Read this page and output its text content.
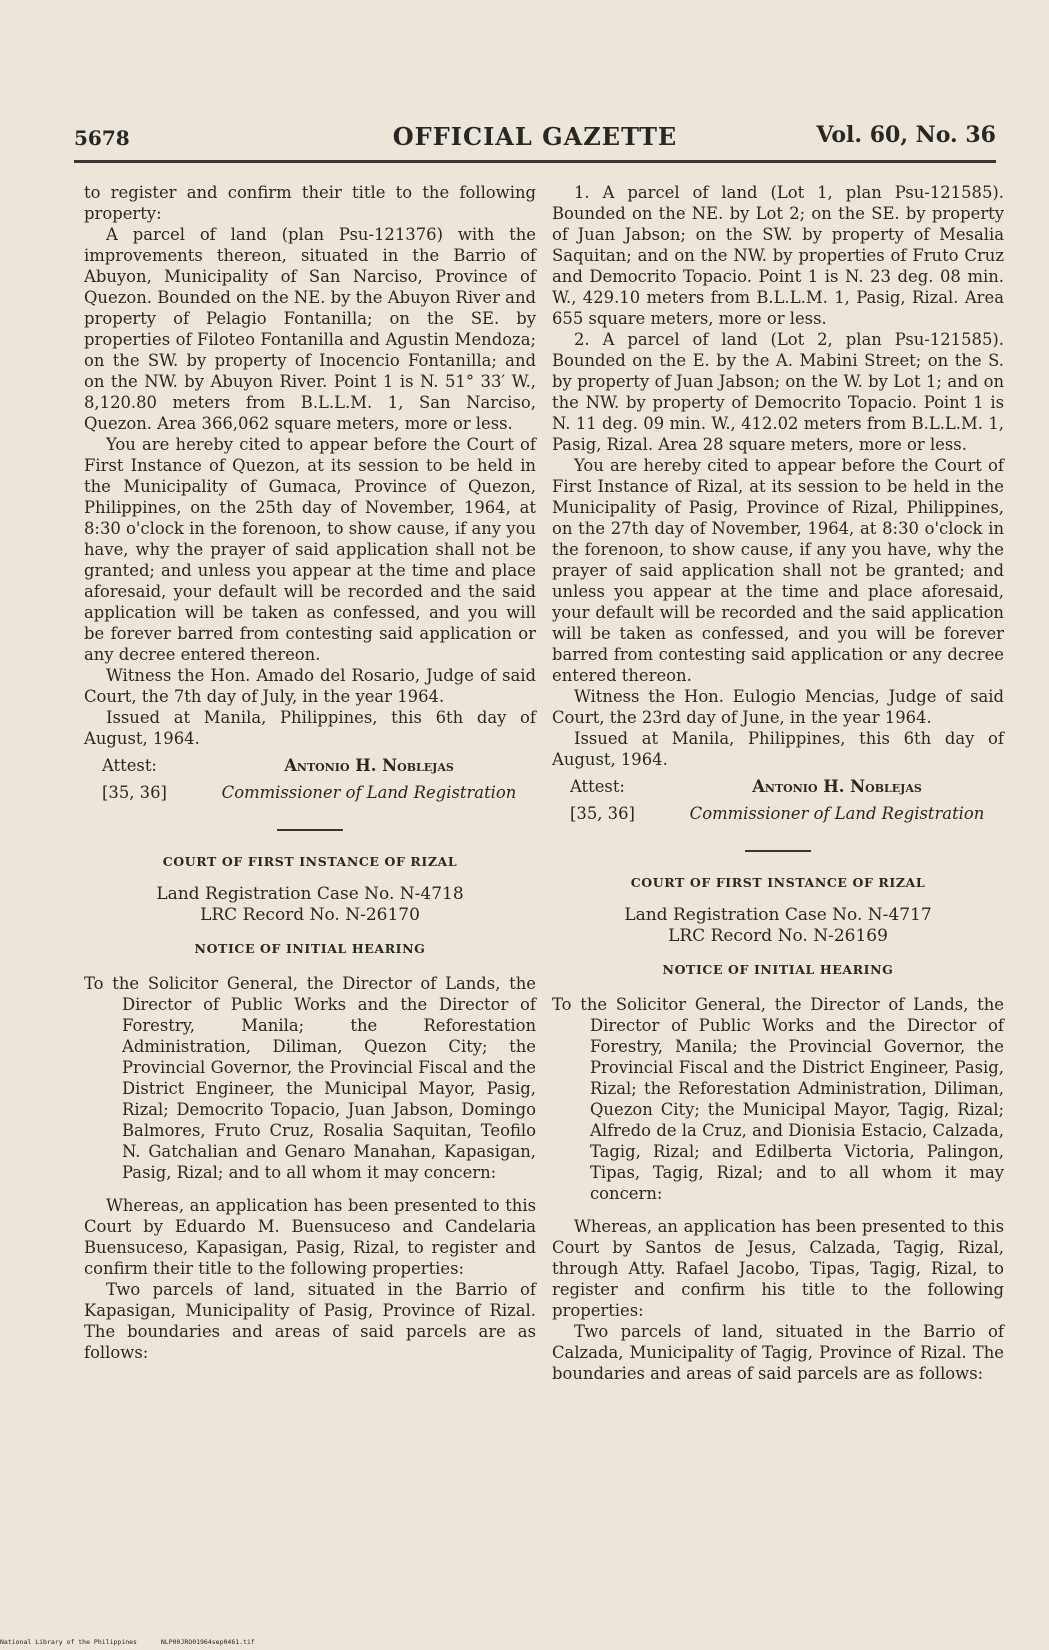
5678	OFFICIAL GAZETTE	Vol. 60, No. 36

to register and confirm their title to the following property:

A parcel of land (plan Psu-121376) with the improvements thereon, situated in the Barrio of Abuyon, Municipality of San Narciso, Province of Quezon. Bounded on the NE. by the Abuyon River and property of Pelagio Fontanilla; on the SE. by properties of Filoteo Fontanilla and Agustin Mendoza; on the SW. by property of Inocencio Fontanilla; and on the NW. by Abuyon River. Point 1 is N. 51° 33′ W., 8,120.80 meters from B.L.L.M. 1, San Narciso, Quezon. Area 366,062 square meters, more or less.

You are hereby cited to appear before the Court of First Instance of Quezon, at its session to be held in the Municipality of Gumaca, Province of Quezon, Philippines, on the 25th day of November, 1964, at 8:30 o'clock in the forenoon, to show cause, if any you have, why the prayer of said application shall not be granted; and unless you appear at the time and place aforesaid, your default will be recorded and the said application will be taken as confessed, and you will be forever barred from contesting said application or any decree entered thereon.

Witness the Hon. Amado del Rosario, Judge of said Court, the 7th day of July, in the year 1964.

Issued at Manila, Philippines, this 6th day of August, 1964.

Attest:	Antonio H. Noblejas
[35, 36]	Commissioner of Land Registration
COURT OF FIRST INSTANCE OF RIZAL
Land Registration Case No. N-4718
LRC Record No. N-26170
NOTICE OF INITIAL HEARING
To the Solicitor General, the Director of Lands, the Director of Public Works and the Director of Forestry, Manila; the Reforestation Administration, Diliman, Quezon City; the Provincial Governor, the Provincial Fiscal and the District Engineer, the Municipal Mayor, Pasig, Rizal; Democrito Topacio, Juan Jabson, Domingo Balmores, Fruto Cruz, Rosalia Saquitan, Teofilo N. Gatchalian and Genaro Manahan, Kapasigan, Pasig, Rizal; and to all whom it may concern:

Whereas, an application has been presented to this Court by Eduardo M. Buensuceso and Candelaria Buensuceso, Kapasigan, Pasig, Rizal, to register and confirm their title to the following properties:

Two parcels of land, situated in the Barrio of Kapasigan, Municipality of Pasig, Province of Rizal. The boundaries and areas of said parcels are as follows:

1. A parcel of land (Lot 1, plan Psu-121585). Bounded on the NE. by Lot 2; on the SE. by property of Juan Jabson; on the SW. by property of Mesalia Saquitan; and on the NW. by properties of Fruto Cruz and Democrito Topacio. Point 1 is N. 23 deg. 08 min. W., 429.10 meters from B.L.L.M. 1, Pasig, Rizal. Area 655 square meters, more or less.

2. A parcel of land (Lot 2, plan Psu-121585). Bounded on the E. by the A. Mabini Street; on the S. by property of Juan Jabson; on the W. by Lot 1; and on the NW. by property of Democrito Topacio. Point 1 is N. 11 deg. 09 min. W., 412.02 meters from B.L.L.M. 1, Pasig, Rizal. Area 28 square meters, more or less.

You are hereby cited to appear before the Court of First Instance of Rizal, at its session to be held in the Municipality of Pasig, Province of Rizal, Philippines, on the 27th day of November, 1964, at 8:30 o'clock in the forenoon, to show cause, if any you have, why the prayer of said application shall not be granted; and unless you appear at the time and place aforesaid, your default will be recorded and the said application will be taken as confessed, and you will be forever barred from contesting said application or any decree entered thereon.

Witness the Hon. Eulogio Mencias, Judge of said Court, the 23rd day of June, in the year 1964.

Issued at Manila, Philippines, this 6th day of August, 1964.

Attest:	Antonio H. Noblejas
[35, 36]	Commissioner of Land Registration
COURT OF FIRST INSTANCE OF RIZAL
Land Registration Case No. N-4717
LRC Record No. N-26169
NOTICE OF INITIAL HEARING
To the Solicitor General, the Director of Lands, the Director of Public Works and the Director of Forestry, Manila; the Provincial Governor, the Provincial Fiscal and the District Engineer, Pasig, Rizal; the Reforestation Administration, Diliman, Quezon City; the Municipal Mayor, Tagig, Rizal; Alfredo de la Cruz, and Dionisia Estacio, Calzada, Tagig, Rizal; and Edilberta Victoria, Palingon, Tipas, Tagig, Rizal; and to all whom it may concern:

Whereas, an application has been presented to this Court by Santos de Jesus, Calzada, Tagig, Rizal, through Atty. Rafael Jacobo, Tipas, Tagig, Rizal, to register and confirm his title to the following properties:

Two parcels of land, situated in the Barrio of Calzada, Municipality of Tagig, Province of Rizal. The boundaries and areas of said parcels are as follows:

National Library of the Philippines	NLP00JRO01964sep0461.tif
